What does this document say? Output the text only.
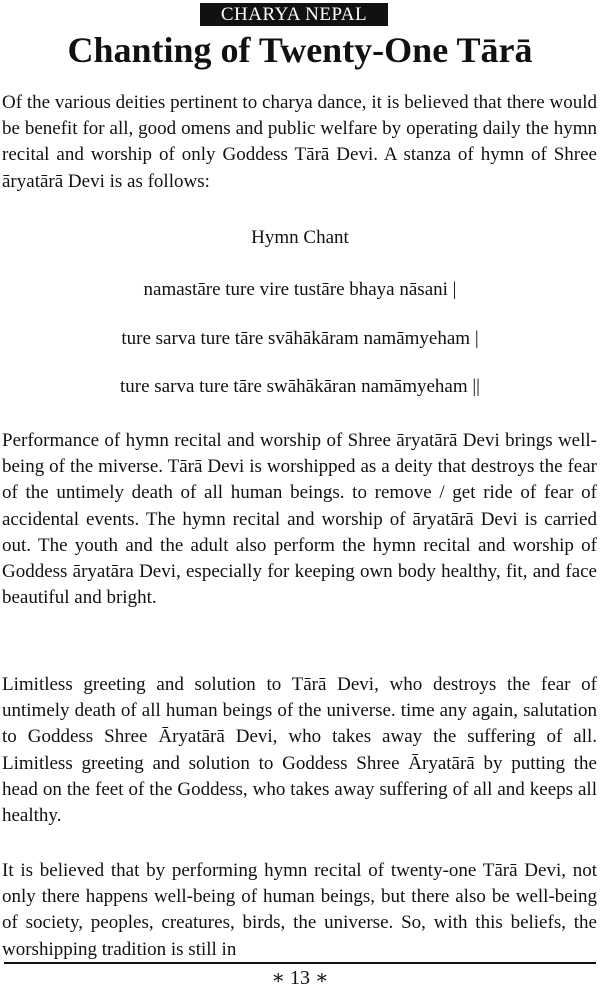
CHARYA NEPAL
Chanting of Twenty-One Tārā

Of the various deities pertinent to charya dance, it is believed that there would be benefit for all, good omens and public welfare by operating daily the hymn recital and worship of only Goddess Tārā Devi. A stanza of hymn of Shree āryatārā Devi is as follows:

Hymn Chant

namastāre ture vire tustāre bhaya nāsani |

ture sarva ture tāre svāhākāram namāmyeham |

ture sarva ture tāre swāhākāran namāmyeham ||

Performance of hymn recital and worship of Shree āryatārā Devi brings well-being of the miverse. Tārā Devi is worshipped as a deity that destroys the fear of the untimely death of all human beings. to remove / get ride of fear of accidental events. The hymn recital and worship of āryatārā Devi is carried out. The youth and the adult also perform the hymn recital and worship of Goddess āryatāra Devi, especially for keeping own body healthy, fit, and face beautiful and bright.

Limitless greeting and solution to Tārā Devi, who destroys the fear of untimely death of all human beings of the universe. time any again, salutation to Goddess Shree Āryatārā Devi, who takes away the suffering of all. Limitless greeting and solution to Goddess Shree Āryatārā by putting the head on the feet of the Goddess, who takes away suffering of all and keeps all healthy.

It is believed that by performing hymn recital of twenty-one Tārā Devi, not only there happens well-being of human beings, but there also be well-being of society, peoples, creatures, birds, the universe. So, with this beliefs, the worshipping tradition is still in

∗ 13 ∗
